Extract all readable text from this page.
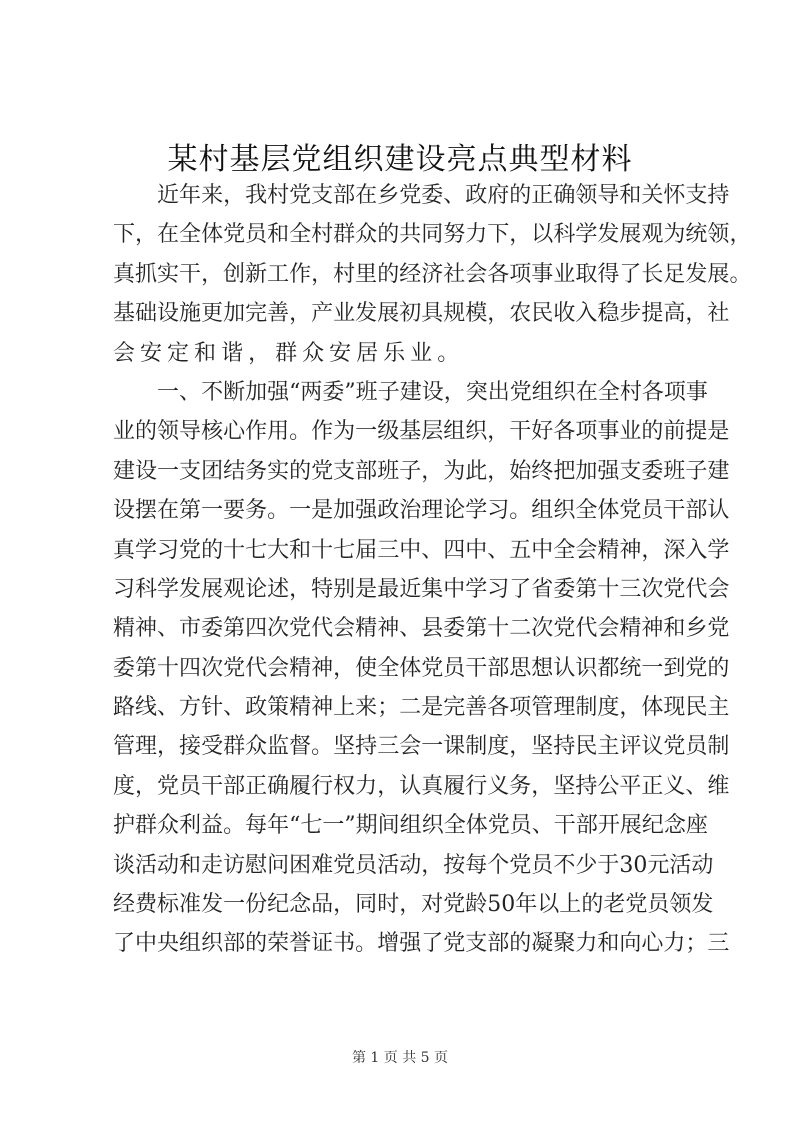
某村基层党组织建设亮点典型材料

近 年 来 ， 我 村 党 支 部 在 乡 党 委 、 政 府 的 正 确 领 导 和 关 怀 支 持
下 ， 在 全 体 党 员 和 全 村 群 众 的 共 同 努 力 下 ， 以 科 学 发 展 观 为 统 领 ，
真 抓 实 干 ， 创 新 工 作 ， 村 里 的 经 济 社 会 各 项 事 业 取 得 了 长 足 发 展 。
基 础 设 施 更 加 完 善 ， 产 业 发 展 初 具 规 模 ， 农 民 收 入 稳 步 提 高 ， 社
会 安 定 和 谐 ， 群 众 安 居 乐 业 。

一 、 不 断 加 强 “ 两 委 ” 班 子 建 设 ， 突 出 党 组 织 在 全 村 各 项 事
业 的 领 导 核 心 作 用 。 作 为 一 级 基 层 组 织 ， 干 好 各 项 事 业 的 前 提 是
建 设 一 支 团 结 务 实 的 党 支 部 班 子 ， 为 此 ， 始 终 把 加 强 支 委 班 子 建
设 摆 在 第 一 要 务 。 一 是 加 强 政 治 理 论 学 习 。 组 织 全 体 党 员 干 部 认
真 学 习 党 的 十 七 大 和 十 七 届 三 中 、 四 中 、 五 中 全 会 精 神 ， 深 入 学
习 科 学 发 展 观 论 述 ， 特 别 是 最 近 集 中 学 习 了 省 委 第 十 三 次 党 代 会
精 神 、 市 委 第 四 次 党 代 会 精 神 、 县 委 第 十 二 次 党 代 会 精 神 和 乡 党
委 第 十 四 次 党 代 会 精 神 ， 使 全 体 党 员 干 部 思 想 认 识 都 统 一 到 党 的
路 线 、 方 针 、 政 策 精 神 上 来 ； 二 是 完 善 各 项 管 理 制 度 ， 体 现 民 主
管 理 ， 接 受 群 众 监 督 。 坚 持 三 会 一 课 制 度 ， 坚 持 民 主 评 议 党 员 制
度 ， 党 员 干 部 正 确 履 行 权 力 ， 认 真 履 行 义 务 ， 坚 持 公 平 正 义 、 维
护 群 众 利 益 。 每 年 “ 七 一 ” 期 间 组 织 全 体 党 员 、 干 部 开 展 纪 念 座
谈 活 动 和 走 访 慰 问 困 难 党 员 活 动 ， 按 每 个 党 员 不 少 于 30 元 活 动
经 费 标 准 发 一 份 纪 念 品 ， 同 时 ， 对 党 龄 50 年 以 上 的 老 党 员 领 发
了 中 央 组 织 部 的 荣 誉 证 书 。 增 强 了 党 支 部 的 凝 聚 力 和 向 心 力 ； 三
第 1 页 共 5 页
